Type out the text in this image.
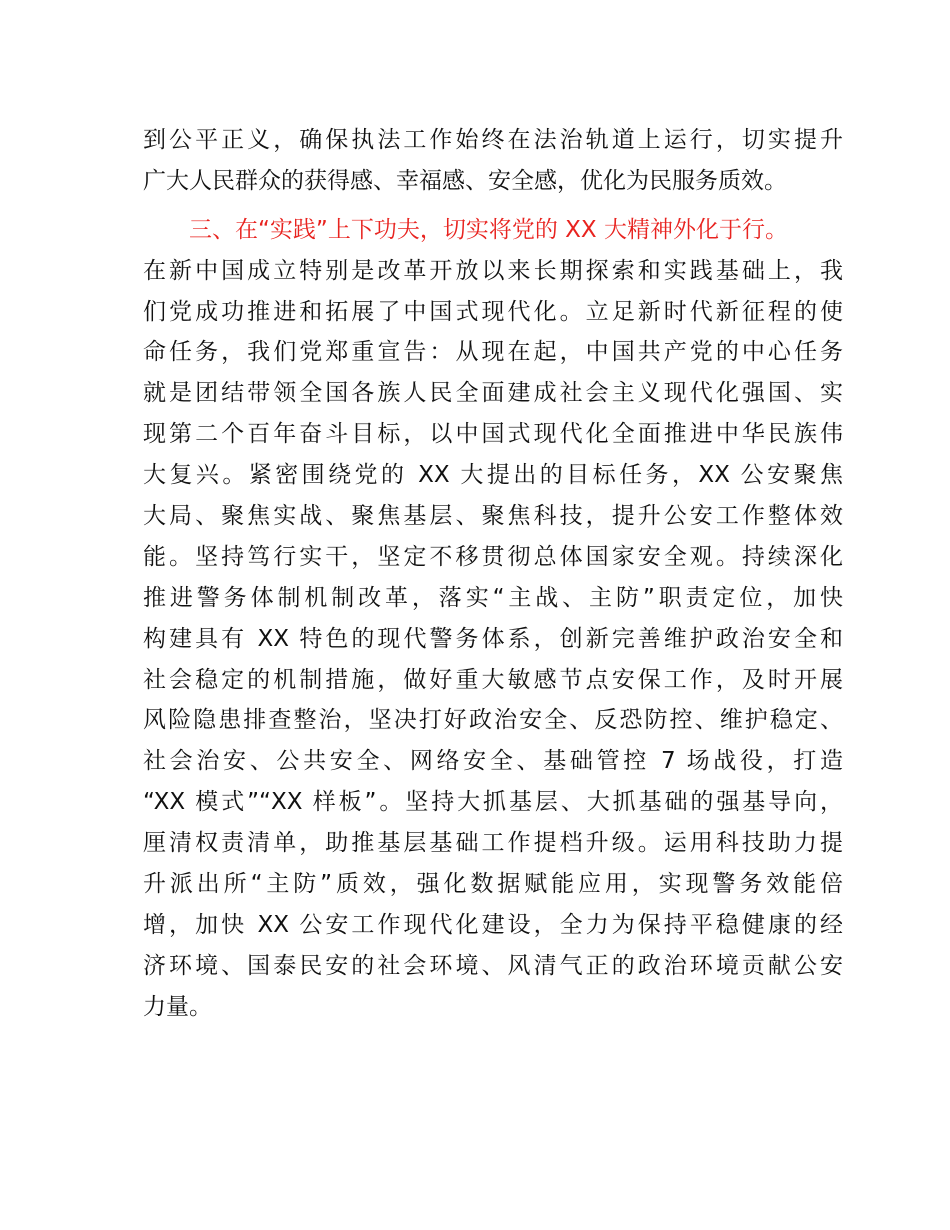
到公平正义，确保执法工作始终在法治轨道上运行，切实提升
广大人民群众的获得感、幸福感、安全感，优化为民服务质效。
三、在“实践”上下功夫，切实将党的 XX 大精神外化于行。
在新中国成立特别是改革开放以来长期探索和实践基础上，我
们党成功推进和拓展了中国式现代化。立足新时代新征程的使
命任务，我们党郑重宣告：从现在起，中国共产党的中心任务
就是团结带领全国各族人民全面建成社会主义现代化强国、实
现第二个百年奋斗目标，以中国式现代化全面推进中华民族伟
大复兴。紧密围绕党的 XX 大提出的目标任务，XX 公安聚焦
大局、聚焦实战、聚焦基层、聚焦科技，提升公安工作整体效
能。坚持笃行实干，坚定不移贯彻总体国家安全观。持续深化
推进警务体制机制改革，落实“主战、主防”职责定位，加快
构建具有 XX 特色的现代警务体系，创新完善维护政治安全和
社会稳定的机制措施，做好重大敏感节点安保工作，及时开展
风险隐患排查整治，坚决打好政治安全、反恐防控、维护稳定、
社会治安、公共安全、网络安全、基础管控 7 场战役，打造
“XX 模式”“XX 样板”。坚持大抓基层、大抓基础的强基导向，
厘清权责清单，助推基层基础工作提档升级。运用科技助力提
升派出所“主防”质效，强化数据赋能应用，实现警务效能倍
增，加快 XX 公安工作现代化建设，全力为保持平稳健康的经
济环境、国泰民安的社会环境、风清气正的政治环境贡献公安
力量。
